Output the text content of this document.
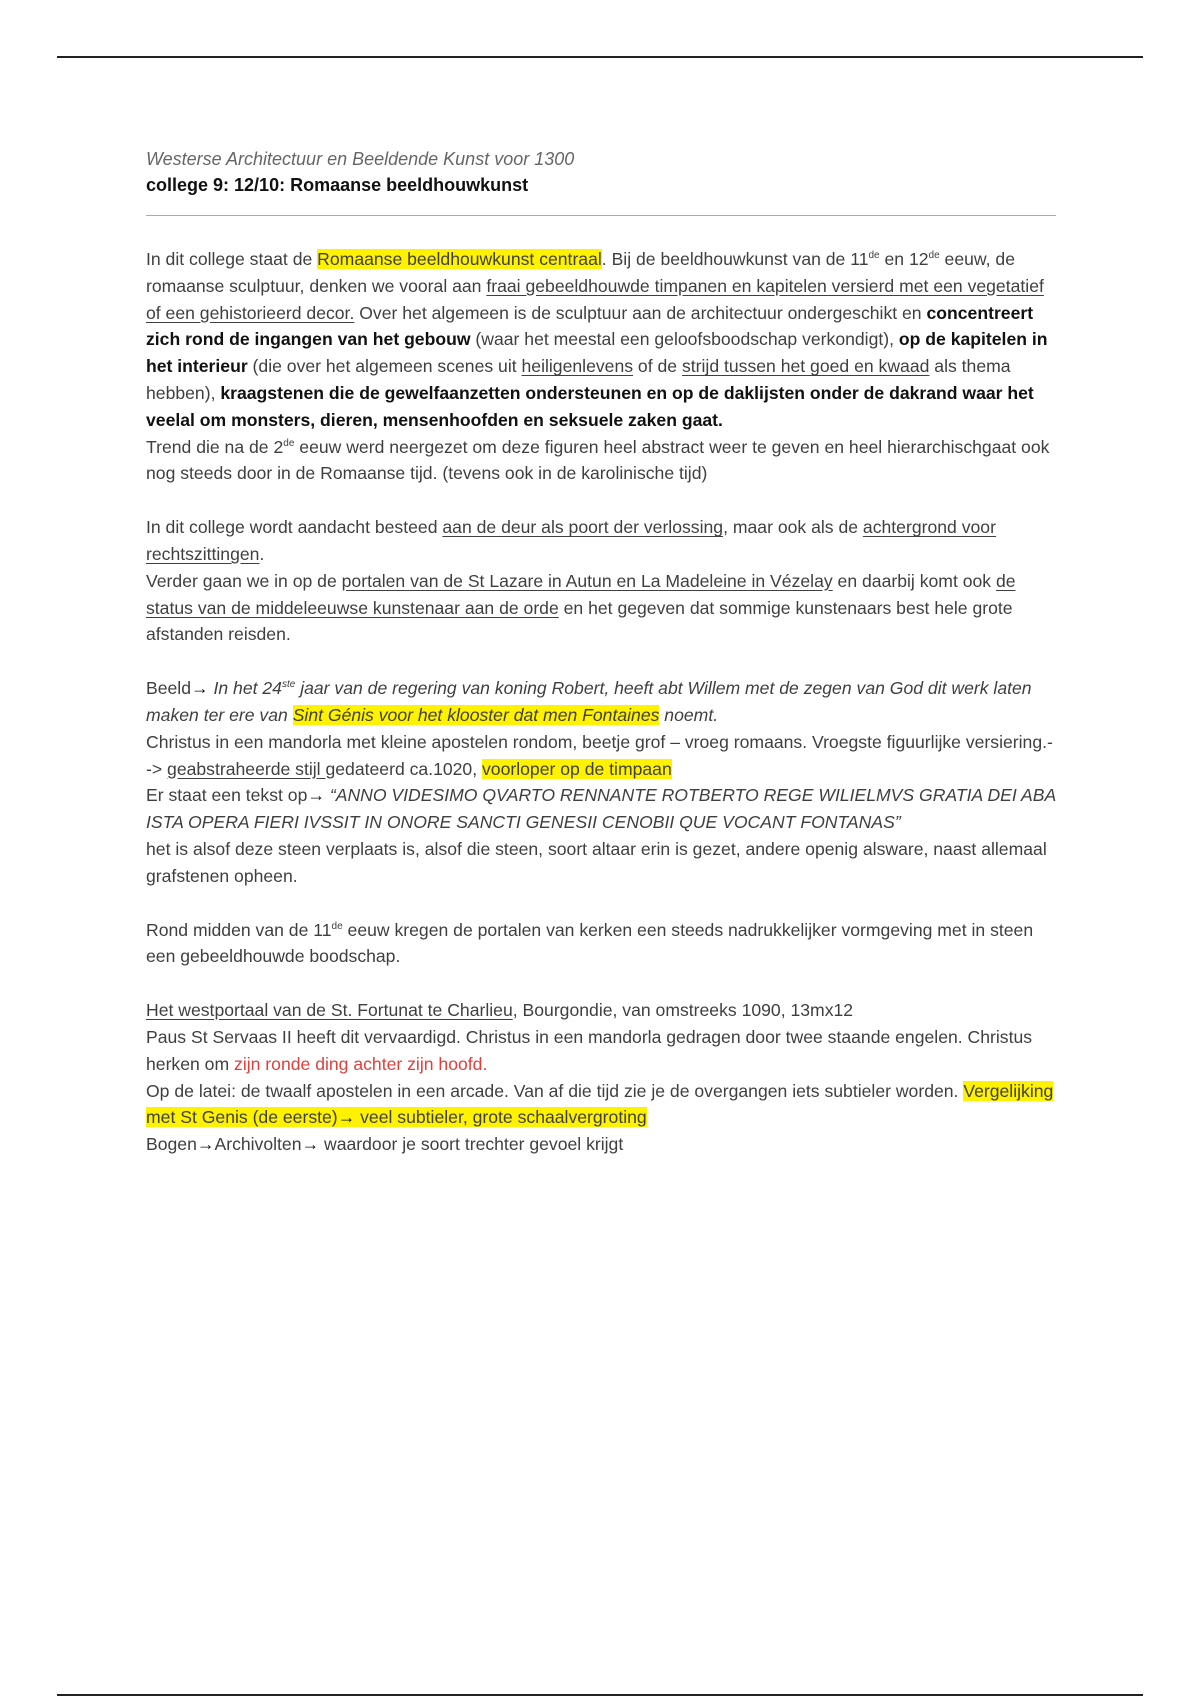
Westerse Architectuur en Beeldende Kunst voor 1300

college 9: 12/10: Romaanse beeldhouwkunst

In dit college staat de Romaanse beeldhouwkunst centraal. Bij de beeldhouwkunst van de 11de en 12de eeuw, de romaanse sculptuur, denken we vooral aan fraai gebeeldhouwde timpanen en kapitelen versierd met een vegetatief of een gehistorieerd decor. Over het algemeen is de sculptuur aan de architectuur ondergeschikt en concentreert zich rond de ingangen van het gebouw (waar het meestal een geloofsboodschap verkondigt), op de kapitelen in het interieur (die over het algemeen scenes uit heiligenlevens of de strijd tussen het goed en kwaad als thema hebben), kraagstenen die de gewelfaanzetten ondersteunen en op de daklijsten onder de dakrand waar het veelal om monsters, dieren, mensenhoofden en seksuele zaken gaat.

Trend die na de 2de eeuw werd neergezet om deze figuren heel abstract weer te geven en heel hierarchischgaat ook nog steeds door in de Romaanse tijd. (tevens ook in de karolinische tijd)

In dit college wordt aandacht besteed aan de deur als poort der verlossing, maar ook als de achtergrond voor rechtszittingen.

Verder gaan we in op de portalen van de St Lazare in Autun en La Madeleine in Vézelay en daarbij komt ook de status van de middeleeuwse kunstenaar aan de orde en het gegeven dat sommige kunstenaars best hele grote afstanden reisden.

Beeld→ In het 24ste jaar van de regering van koning Robert, heeft abt Willem met de zegen van God dit werk laten maken ter ere van Sint Génis voor het klooster dat men Fontaines noemt.

Christus in een mandorla met kleine apostelen rondom, beetje grof – vroeg romaans. Vroegste figuurlijke versiering.--> geabstraheerde stijl gedateerd ca.1020, voorloper op de timpaan

Er staat een tekst op→ “ANNO VIDESIMO QVARTO RENNANTE ROTBERTO REGE WILIELMVS GRATIA DEI ABA ISTA OPERA FIERI IVSSIT IN ONORE SANCTI GENESII CENOBII QUE VOCANT FONTANAS”

het is alsof deze steen verplaats is, alsof die steen, soort altaar erin is gezet, andere openig alsware, naast allemaal grafstenen opheen.

Rond midden van de 11de eeuw kregen de portalen van kerken een steeds nadrukkelijker vormgeving met in steen een gebeeldhouwde boodschap.

Het westportaal van de St. Fortunat te Charlieu, Bourgondie, van omstreeks 1090, 13mx12

Paus St Servaas II heeft dit vervaardigd. Christus in een mandorla gedragen door twee staande engelen. Christus herken om zijn ronde ding achter zijn hoofd.

Op de latei: de twaalf apostelen in een arcade. Van af die tijd zie je de overgangen iets subtieler worden. Vergelijking met St Genis (de eerste)→ veel subtieler, grote schaalvergroting

Bogen→Archivolten→ waardoor je soort trechter gevoel krijgt
